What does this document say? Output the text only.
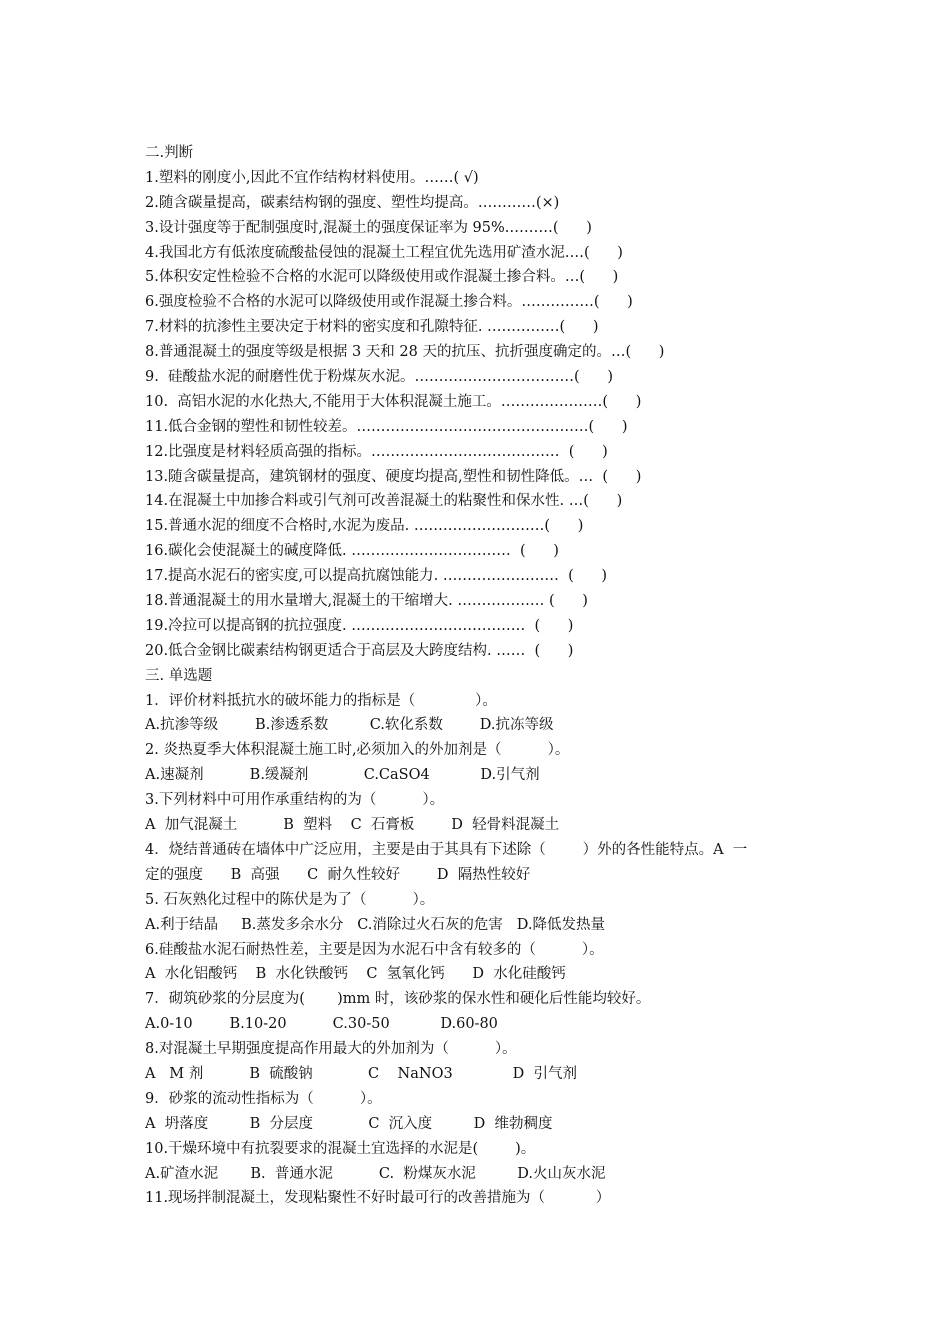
二.判断
1.塑料的刚度小,因此不宜作结构材料使用。……( √)
2.随含碳量提高，碳素结构钢的强度、塑性均提高。…………(×)
3.设计强度等于配制强度时,混凝土的强度保证率为 95%.………(      )
4.我国北方有低浓度硫酸盐侵蚀的混凝土工程宜优先选用矿渣水泥.…(      )
5.体积安定性检验不合格的水泥可以降级使用或作混凝土掺合料。…(      )
6.强度检验不合格的水泥可以降级使用或作混凝土掺合料。……………(      )
7.材料的抗渗性主要决定于材料的密实度和孔隙特征. ……………(      )
8.普通混凝土的强度等级是根据 3 天和 28 天的抗压、抗折强度确定的。…(      )
9.  硅酸盐水泥的耐磨性优于粉煤灰水泥。……………………………(      )
10.  高铝水泥的水化热大,不能用于大体积混凝土施工。…………………(      )
11.低合金钢的塑性和韧性较差。…………………………………………(      )
12.比强度是材料轻质高强的指标。…………………………………  (      )
13.随含碳量提高，建筑钢材的强度、硬度均提高,塑性和韧性降低。…  (      )
14.在混凝土中加掺合料或引气剂可改善混凝土的粘聚性和保水性. …(      )
15.普通水泥的细度不合格时,水泥为废品. ………………………(      )
16.碳化会使混凝土的碱度降低. ……………………………  (      )
17.提高水泥石的密实度,可以提高抗腐蚀能力. ……………………  (      )
18.普通混凝土的用水量增大,混凝土的干缩增大. ……………… (      )
19.冷拉可以提高钢的抗拉强度. ………………………………  (      )
20.低合金钢比碳素结构钢更适合于高层及大跨度结构. ……  (      )
三. 单选题
1．评价材料抵抗水的破坏能力的指标是（             ）。
A.抗渗等级        B.渗透系数         C.软化系数        D.抗冻等级
2. 炎热夏季大体积混凝土施工时,必须加入的外加剂是（          ）。
A.速凝剂          B.缓凝剂            C.CaSO4           D.引气剂
3.下列材料中可用作承重结构的为（          ）。
A  加气混凝土          B  塑料    C  石膏板        D  轻骨料混凝土
4．烧结普通砖在墙体中广泛应用，主要是由于其具有下述除（        ）外的各性能特点。A  一
定的强度      B  高强      C  耐久性较好        D  隔热性较好
5. 石灰熟化过程中的陈伏是为了（          ）。
A.利于结晶     B.蒸发多余水分   C.消除过火石灰的危害   D.降低发热量
6.硅酸盐水泥石耐热性差，主要是因为水泥石中含有较多的（          ）。
A  水化铝酸钙    B  水化铁酸钙    C  氢氧化钙      D  水化硅酸钙
7．砌筑砂浆的分层度为(       )mm 时，该砂浆的保水性和硬化后性能均较好。
A.0-10        B.10-20          C.30-50           D.60-80
8.对混凝土早期强度提高作用最大的外加剂为（          ）。
A   M 剂          B  硫酸钠            C    NaNO3             D  引气剂
9．砂浆的流动性指标为（          ）。
A  坍落度         B  分层度            C  沉入度         D  维勃稠度
10.干燥环境中有抗裂要求的混凝土宜选择的水泥是(        )。
A.矿渣水泥       B.  普通水泥          C.  粉煤灰水泥         D.火山灰水泥
11.现场拌制混凝土，发现粘聚性不好时最可行的改善措施为（           ）
